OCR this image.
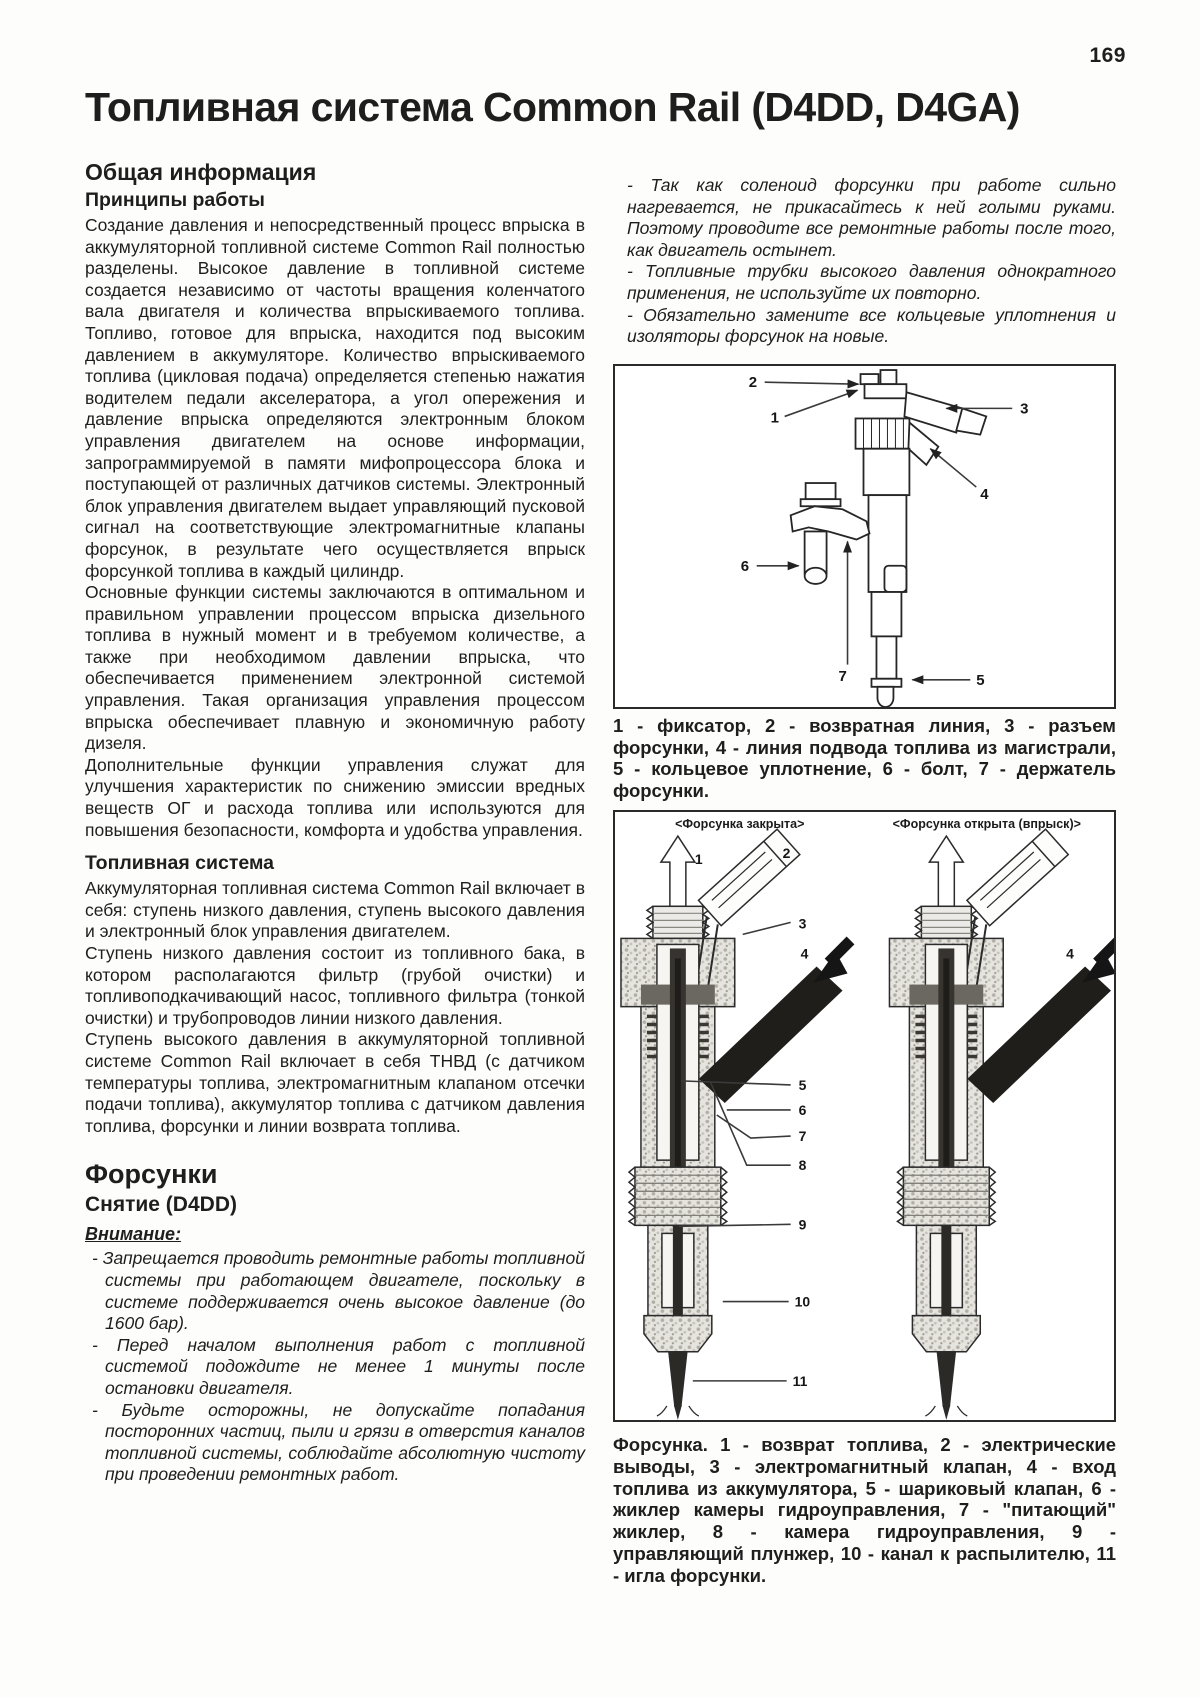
169
Топливная система Common Rail (D4DD, D4GA)
Общая информация
Принципы работы

Создание давления и непосредственный процесс впрыска в аккумуляторной топливной системе Common Rail полностью разделены. Высокое давление в топливной системе создается независимо от частоты вращения коленчатого вала двигателя и количества впрыскиваемого топлива. Топливо, готовое для впрыска, находится под высоким давлением в аккумуляторе. Количество впрыскиваемого топлива (цикловая подача) определяется степенью нажатия водителем педали акселератора, а угол опережения и давление впрыска определяются электронным блоком управления двигателем на основе информации, запрограммируемой в памяти мифопроцессора блока и поступающей от различных датчиков системы. Электронный блок управления двигателем выдает управляющий пусковой сигнал на соответствующие электромагнитные клапаны форсунок, в результате чего осуществляется впрыск форсункой топлива в каждый цилиндр.

Основные функции системы заключаются в оптимальном и правильном управлении процессом впрыска дизельного топлива в нужный момент и в требуемом количестве, а также при необходимом давлении впрыска, что обеспечивается применением электронной системой управления. Такая организация управления процессом впрыска обеспечивает плавную и экономичную работу дизеля.

Дополнительные функции управления служат для улучшения характеристик по снижению эмиссии вредных веществ ОГ и расхода топлива или используются для повышения безопасности, комфорта и удобства управления.

Топливная система

Аккумуляторная топливная система Common Rail включает в себя: ступень низкого давления, ступень высокого давления и электронный блок управления двигателем.

Ступень низкого давления состоит из топливного бака, в котором располагаются фильтр (грубой очистки) и топливоподкачивающий насос, топливного фильтра (тонкой очистки) и трубопроводов линии низкого давления.

Ступень высокого давления в аккумуляторной топливной системе Common Rail включает в себя ТНВД (с датчиком температуры топлива, электромагнитным клапаном отсечки подачи топлива), аккумулятор топлива с датчиком давления топлива, форсунки и линии возврата топлива.

Форсунки
Снятие (D4DD)
Внимание:

- Запрещается проводить ремонтные работы топливной системы при работающем двигателе, поскольку в системе поддерживается очень высокое давление (до 1600 бар).

- Перед началом выполнения работ с топливной системой подождите не менее 1 минуты после остановки двигателя.

- Будьте осторожны, не допускайте попадания посторонних частиц, пыли и грязи в отверстия каналов топливной системы, соблюдайте абсолютную чистоту при проведении ремонтных работ.

- Так как соленоид форсунки при работе сильно нагревается, не прикасайтесь к ней голыми руками. Поэтому проводите все ремонтные работы после того, как двигатель остынет.

- Топливные трубки высокого давления однократного применения, не используйте их повторно.

- Обязательно замените все кольцевые уплотнения и изоляторы форсунок на новые.

1
2
3
4
5
6
7

1 - фиксатор, 2 - возвратная линия, 3 - разъем форсунки, 4 - линия подвода топлива из магистрали, 5 - кольцевое уплотнение, 6 - болт, 7 - держатель форсунки.

<Форсунка закрыта>	<Форсунка открыта (впрыск)>
1	2
3
4
5
6
7
8
9
10
11
4

Форсунка. 1 - возврат топлива, 2 - электрические выводы, 3 - электромагнитный клапан, 4 - вход топлива из аккумулятора, 5 - шариковый клапан, 6 - жиклер камеры гидроуправления, 7 - "питающий" жиклер, 8 - камера гидроуправления, 9 - управляющий плунжер, 10 - канал к распылителю, 11 - игла форсунки.
